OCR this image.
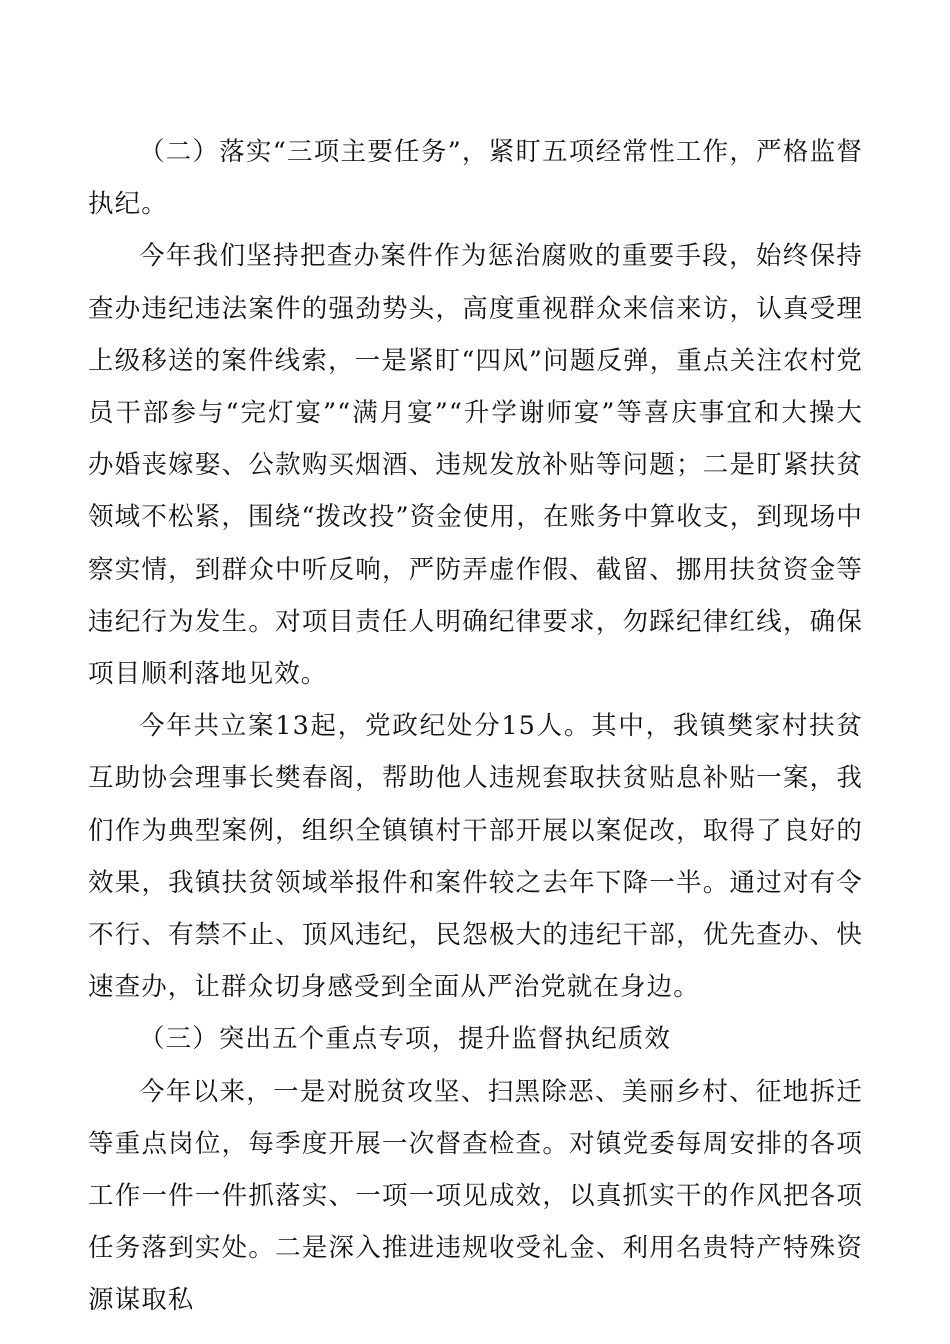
（二）落实“三项主要任务”，紧盯五项经常性工作，严格监督执纪。

今年我们坚持把查办案件作为惩治腐败的重要手段，始终保持查办违纪违法案件的强劲势头，高度重视群众来信来访，认真受理上级移送的案件线索，一是紧盯“四风”问题反弹，重点关注农村党员干部参与“完灯宴”“满月宴”“升学谢师宴”等喜庆事宜和大操大办婚丧嫁娶、公款购买烟酒、违规发放补贴等问题；二是盯紧扶贫领域不松紧，围绕“拨改投”资金使用，在账务中算收支，到现场中察实情，到群众中听反响，严防弄虚作假、截留、挪用扶贫资金等违纪行为发生。对项目责任人明确纪律要求，勿踩纪律红线，确保项目顺利落地见效。

今年共立案13起，党政纪处分15人。其中，我镇樊家村扶贫互助协会理事长樊春阁，帮助他人违规套取扶贫贴息补贴一案，我们作为典型案例，组织全镇镇村干部开展以案促改，取得了良好的效果，我镇扶贫领域举报件和案件较之去年下降一半。通过对有令不行、有禁不止、顶风违纪，民怨极大的违纪干部，优先查办、快速查办，让群众切身感受到全面从严治党就在身边。

（三）突出五个重点专项，提升监督执纪质效

今年以来，一是对脱贫攻坚、扫黑除恶、美丽乡村、征地拆迁等重点岗位，每季度开展一次督查检查。对镇党委每周安排的各项工作一件一件抓落实、一项一项见成效，以真抓实干的作风把各项任务落到实处。二是深入推进违规收受礼金、利用名贵特产特殊资源谋取私
